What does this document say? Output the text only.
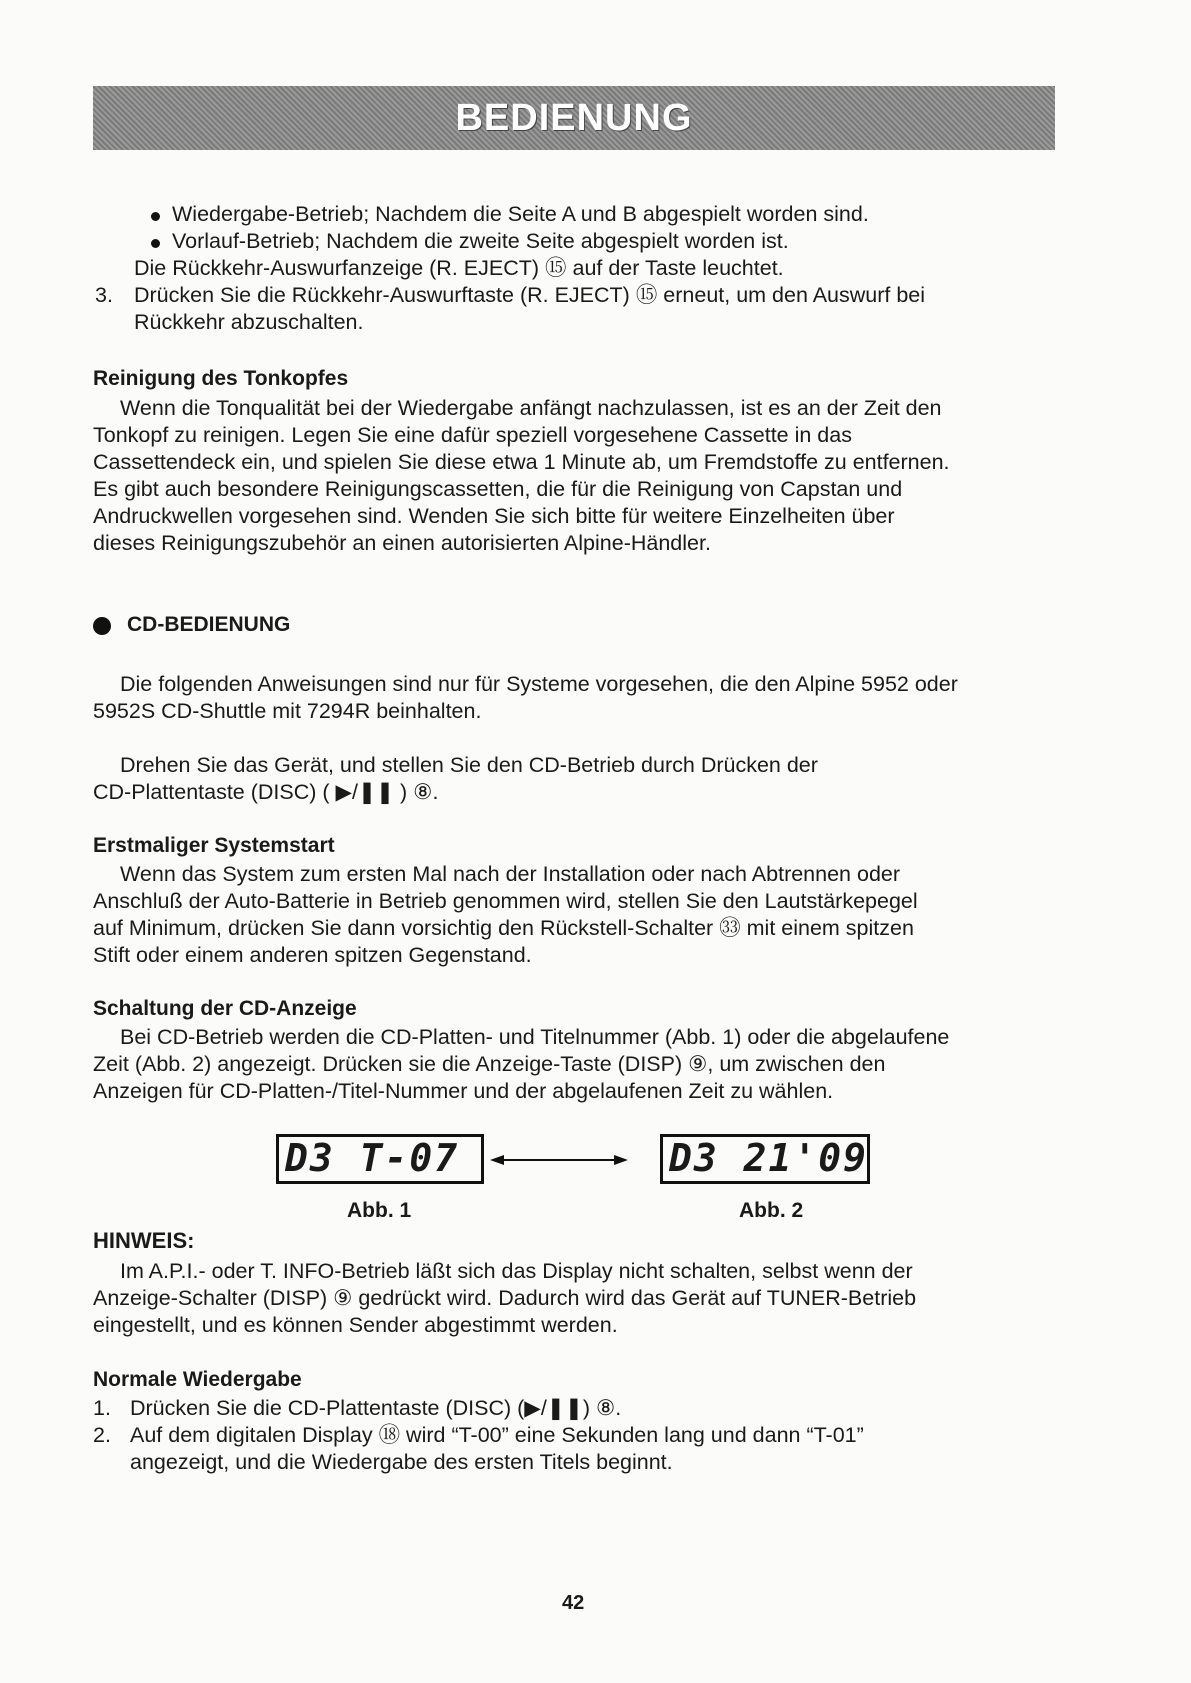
BEDIENUNG
Wiedergabe-Betrieb; Nachdem die Seite A und B abgespielt worden sind.
Vorlauf-Betrieb; Nachdem die zweite Seite abgespielt worden ist.
Die Rückkehr-Auswurfanzeige (R. EJECT) ⑮ auf der Taste leuchtet.
3. Drücken Sie die Rückkehr-Auswurftaste (R. EJECT) ⑮ erneut, um den Auswurf bei
Rückkehr abzuschalten.
Reinigung des Tonkopfes
Wenn die Tonqualität bei der Wiedergabe anfängt nachzulassen, ist es an der Zeit den
Tonkopf zu reinigen. Legen Sie eine dafür speziell vorgesehene Cassette in das
Cassettendeck ein, und spielen Sie diese etwa 1 Minute ab, um Fremdstoffe zu entfernen.
Es gibt auch besondere Reinigungscassetten, die für die Reinigung von Capstan und
Andruckwellen vorgesehen sind. Wenden Sie sich bitte für weitere Einzelheiten über
dieses Reinigungszubehör an einen autorisierten Alpine-Händler.
CD-BEDIENUNG
Die folgenden Anweisungen sind nur für Systeme vorgesehen, die den Alpine 5952 oder
5952S CD-Shuttle mit 7294R beinhalten.
Drehen Sie das Gerät, und stellen Sie den CD-Betrieb durch Drücken der
CD-Plattentaste (DISC) ( ▶/❚❚ ) ⑧.
Erstmaliger Systemstart
Wenn das System zum ersten Mal nach der Installation oder nach Abtrennen oder
Anschluß der Auto-Batterie in Betrieb genommen wird, stellen Sie den Lautstärkepegel
auf Minimum, drücken Sie dann vorsichtig den Rückstell-Schalter ㉝ mit einem spitzen
Stift oder einem anderen spitzen Gegenstand.
Schaltung der CD-Anzeige
Bei CD-Betrieb werden die CD-Platten- und Titelnummer (Abb. 1) oder die abgelaufene
Zeit (Abb. 2) angezeigt. Drücken sie die Anzeige-Taste (DISP) ⑨, um zwischen den
Anzeigen für CD-Platten-/Titel-Nummer und der abgelaufenen Zeit zu wählen.
D3 T-07	D3 21'09
Abb. 1	Abb. 2
HINWEIS:
Im A.P.I.- oder T. INFO-Betrieb läßt sich das Display nicht schalten, selbst wenn der
Anzeige-Schalter (DISP) ⑨ gedrückt wird. Dadurch wird das Gerät auf TUNER-Betrieb
eingestellt, und es können Sender abgestimmt werden.
Normale Wiedergabe
1. Drücken Sie die CD-Plattentaste (DISC) (▶/❚❚) ⑧.
2. Auf dem digitalen Display ⑱ wird “T-00” eine Sekunden lang und dann “T-01”
angezeigt, und die Wiedergabe des ersten Titels beginnt.
42
